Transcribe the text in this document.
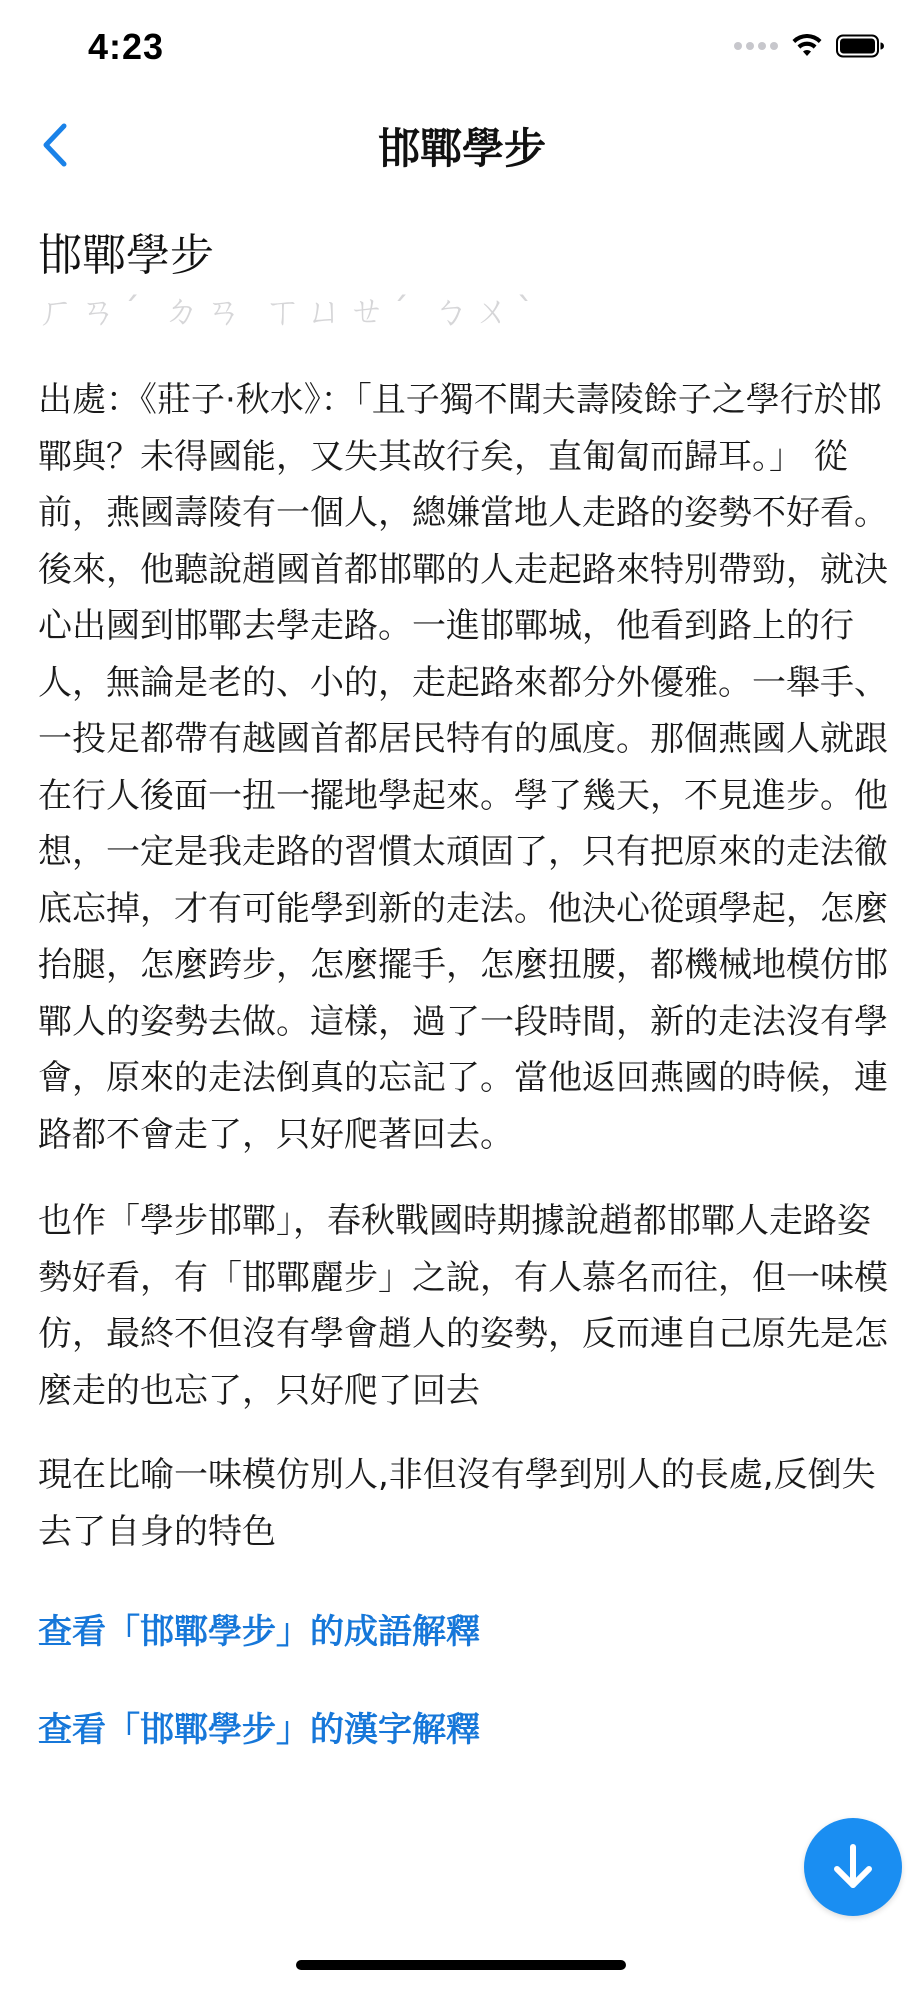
4:23
邯鄲學步
邯鄲學步
ㄏㄢˊ ㄉㄢ ㄒㄩㄝˊ ㄅㄨˋ

出處：《莊子·秋水》：「且子獨不聞夫壽陵餘子之學行於邯鄲與？未得國能，又失其故行矣，直匍匐而歸耳。」 從前，燕國壽陵有一個人，總嫌當地人走路的姿勢不好看。後來，他聽說趙國首都邯鄲的人走起路來特別帶勁，就決心出國到邯鄲去學走路。一進邯鄲城，他看到路上的行人，無論是老的、小的，走起路來都分外優雅。一舉手、一投足都帶有越國首都居民特有的風度。那個燕國人就跟在行人後面一扭一擺地學起來。學了幾天，不見進步。他想，一定是我走路的習慣太頑固了，只有把原來的走法徹底忘掉，才有可能學到新的走法。他決心從頭學起，怎麼抬腿，怎麼跨步，怎麼擺手，怎麼扭腰，都機械地模仿邯鄲人的姿勢去做。這樣，過了一段時間，新的走法沒有學會，原來的走法倒真的忘記了。當他返回燕國的時候，連路都不會走了，只好爬著回去。

也作「學步邯鄲」，春秋戰國時期據說趙都邯鄲人走路姿勢好看，有「邯鄲麗步」之說，有人慕名而往，但一味模仿，最終不但沒有學會趙人的姿勢，反而連自己原先是怎麼走的也忘了，只好爬了回去

現在比喻一味模仿別人,非但沒有學到別人的長處,反倒失去了自身的特色

查看「邯鄲學步」的成語解釋
查看「邯鄲學步」的漢字解釋
